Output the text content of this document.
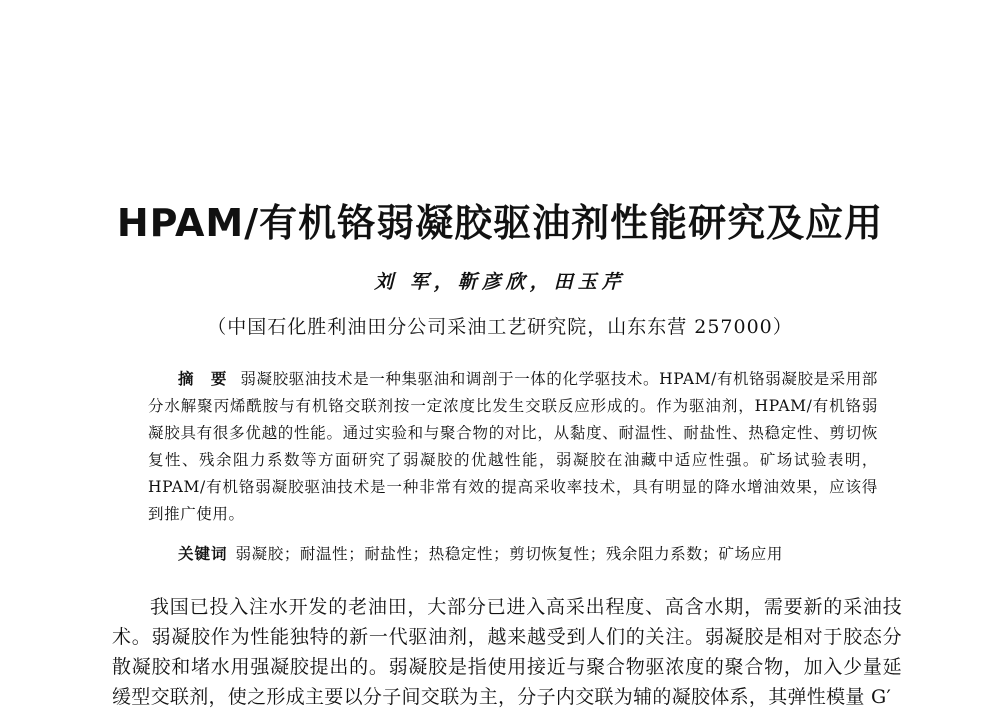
HPAM/有机铬弱凝胶驱油剂性能研究及应用
刘 军，靳彦欣，田玉芹
（中国石化胜利油田分公司采油工艺研究院，山东东营 257000）

摘 要 弱凝胶驱油技术是一种集驱油和调剖于一体的化学驱技术。HPAM/有机铬弱凝胶是采用部分水解聚丙烯酰胺与有机铬交联剂按一定浓度比发生交联反应形成的。作为驱油剂，HPAM/有机铬弱凝胶具有很多优越的性能。通过实验和与聚合物的对比，从黏度、耐温性、耐盐性、热稳定性、剪切恢复性、残余阻力系数等方面研究了弱凝胶的优越性能，弱凝胶在油藏中适应性强。矿场试验表明，HPAM/有机铬弱凝胶驱油技术是一种非常有效的提高采收率技术，具有明显的降水增油效果，应该得到推广使用。

关键词 弱凝胶；耐温性；耐盐性；热稳定性；剪切恢复性；残余阻力系数；矿场应用

我国已投入注水开发的老油田，大部分已进入高采出程度、高含水期，需要新的采油技术。弱凝胶作为性能独特的新一代驱油剂，越来越受到人们的关注。弱凝胶是相对于胶态分散凝胶和堵水用强凝胶提出的。弱凝胶是指使用接近与聚合物驱浓度的聚合物，加入少量延缓型交联剂，使之形成主要以分子间交联为主，分子内交联为辅的凝胶体系，其弹性模量 G′
